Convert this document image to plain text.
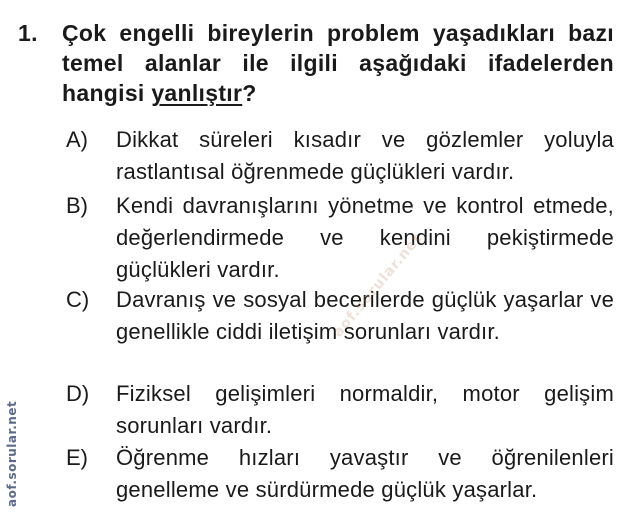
1. Çok engelli bireylerin problem yaşadıkları bazı temel alanlar ile ilgili aşağıdaki ifadelerden hangisi yanlıştır?
A)	Dikkat süreleri kısadır ve gözlemler yoluyla rastlantısal öğrenmede güçlükleri vardır.
B)	Kendi davranışlarını yönetme ve kontrol etmede, değerlendirmede ve kendini pekiştirmede güçlükleri vardır.
C)	Davranış ve sosyal becerilerde güçlük yaşarlar ve genellikle ciddi iletişim sorunları vardır.
D)	Fiziksel gelişimleri normaldir, motor gelişim sorunları vardır.
E)	Öğrenme hızları yavaştır ve öğrenilenleri genelleme ve sürdürmede güçlük yaşarlar.
aof.sorular.net
aof.sorular.net
